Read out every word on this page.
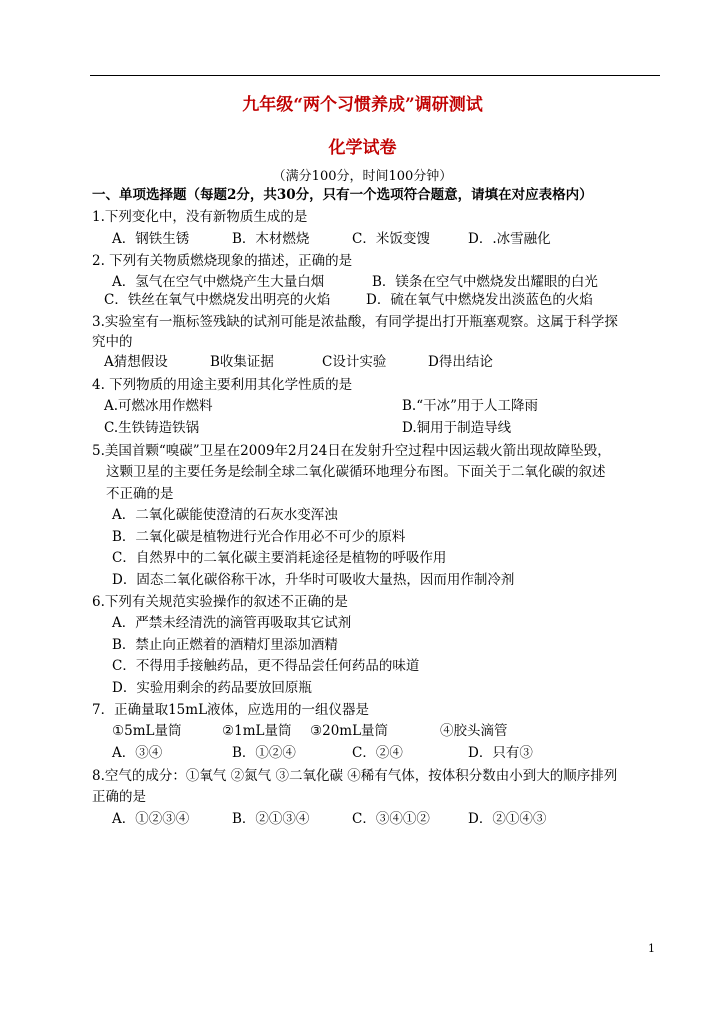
九年级“两个习惯养成”调研测试
化学试卷
（满分100分，时间100分钟）
一、单项选择题（每题2分，共30分，只有一个选项符合题意，请填在对应表格内）
1.下列变化中，没有新物质生成的是
A．钢铁生锈	B．木材燃烧	C．米饭变馊	D．.冰雪融化
2. 下列有关物质燃烧现象的描述，正确的是
A．氢气在空气中燃烧产生大量白烟	B．镁条在空气中燃烧发出耀眼的白光
C．铁丝在氧气中燃烧发出明亮的火焰	D．硫在氧气中燃烧发出淡蓝色的火焰
3.实验室有一瓶标签残缺的试剂可能是浓盐酸，有同学提出打开瓶塞观察。这属于科学探
究中的
A猜想假设	B收集证据	C设计实验	D得出结论
4. 下列物质的用途主要利用其化学性质的是
A.可燃冰用作燃料	B.“干冰”用于人工降雨
C.生铁铸造铁锅	D.铜用于制造导线
5.美国首颗“嗅碳”卫星在2009年2月24日在发射升空过程中因运载火箭出现故障坠毁，
这颗卫星的主要任务是绘制全球二氧化碳循环地理分布图。下面关于二氧化碳的叙述
不正确的是
A．二氧化碳能使澄清的石灰水变浑浊
B．二氧化碳是植物进行光合作用必不可少的原料
C．自然界中的二氧化碳主要消耗途径是植物的呼吸作用
D．固态二氧化碳俗称干冰，升华时可吸收大量热，因而用作制冷剂
6.下列有关规范实验操作的叙述不正确的是
A．严禁未经清洗的滴管再吸取其它试剂
B．禁止向正燃着的酒精灯里添加酒精
C．不得用手接触药品，更不得品尝任何药品的味道
D．实验用剩余的药品要放回原瓶
7．正确量取15mL液体，应选用的一组仪器是
①5mL量筒	②1mL量筒 ③20mL量筒	④胶头滴管
A．③④	B．①②④	C．②④	D．只有③
8.空气的成分：①氧气 ②氮气 ③二氧化碳 ④稀有气体，按体积分数由小到大的顺序排列
正确的是
A．①②③④	B．②①③④	C．③④①②	D．②①④③
1
